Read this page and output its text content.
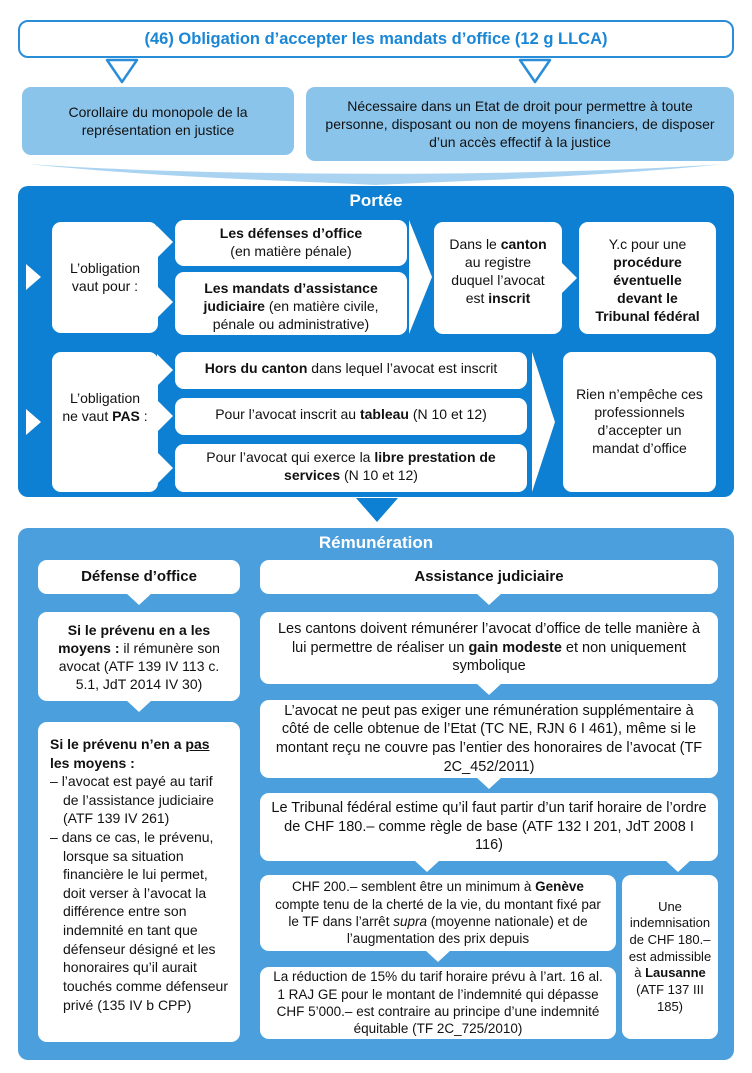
(46) Obligation d’accepter les mandats d’office (12 g LLCA)
Corollaire du monopole de la représentation en justice
Nécessaire dans un Etat de droit pour permettre à toute personne, disposant ou non de moyens financiers, de disposer d’un accès effectif à la justice
Portée
L’obligation vaut pour :
Les défenses d’office
(en matière pénale)
Les mandats d’assistance judiciaire (en matière civile, pénale ou administrative)
Dans le canton au registre duquel l’avocat est inscrit
Y.c pour une procédure éventuelle devant le Tribunal fédéral
L’obligation ne vaut PAS :
Hors du canton dans lequel l’avocat est inscrit
Pour l’avocat inscrit au tableau (N 10 et 12)
Pour l’avocat qui exerce la libre prestation de services (N 10 et 12)
Rien n’empêche ces professionnels d’accepter un mandat d’office
Rémunération
Défense d’office
Si le prévenu en a les moyens : il rémunère son avocat (ATF 139 IV 113 c. 5.1, JdT 2014 IV 30)
Si le prévenu n’en a pas
les moyens :
– l’avocat est payé au tarif de l’assistance judiciaire (ATF 139 IV 261)
– dans ce cas, le prévenu, lorsque sa situation financière le lui permet, doit verser à l’avocat la différence entre son indemnité en tant que défenseur désigné et les honoraires qu’il aurait touchés comme défenseur privé (135 IV b CPP)
Assistance judiciaire
Les cantons doivent rémunérer l’avocat d’office de telle manière à lui permettre de réaliser un gain modeste et non uniquement symbolique
L’avocat ne peut pas exiger une rémunération supplémentaire à côté de celle obtenue de l’Etat (TC NE, RJN 6 I 461), même si le montant reçu ne couvre pas l’entier des honoraires de l’avocat (TF 2C_452/2011)
Le Tribunal fédéral estime qu’il faut partir d’un tarif horaire de l’ordre de CHF 180.– comme règle de base (ATF 132 I 201, JdT 2008 I 116)
CHF 200.– semblent être un minimum à Genève compte tenu de la cherté de la vie, du montant fixé par le TF dans l’arrêt supra (moyenne nationale) et de l’augmentation des prix depuis
La réduction de 15% du tarif horaire prévu à l’art. 16 al. 1 RAJ GE pour le montant de l’indemnité qui dépasse CHF 5’000.– est contraire au principe d’une indemnité équitable (TF 2C_725/2010)
Une indemnisation de CHF 180.– est admissible à Lausanne (ATF 137 III 185)
